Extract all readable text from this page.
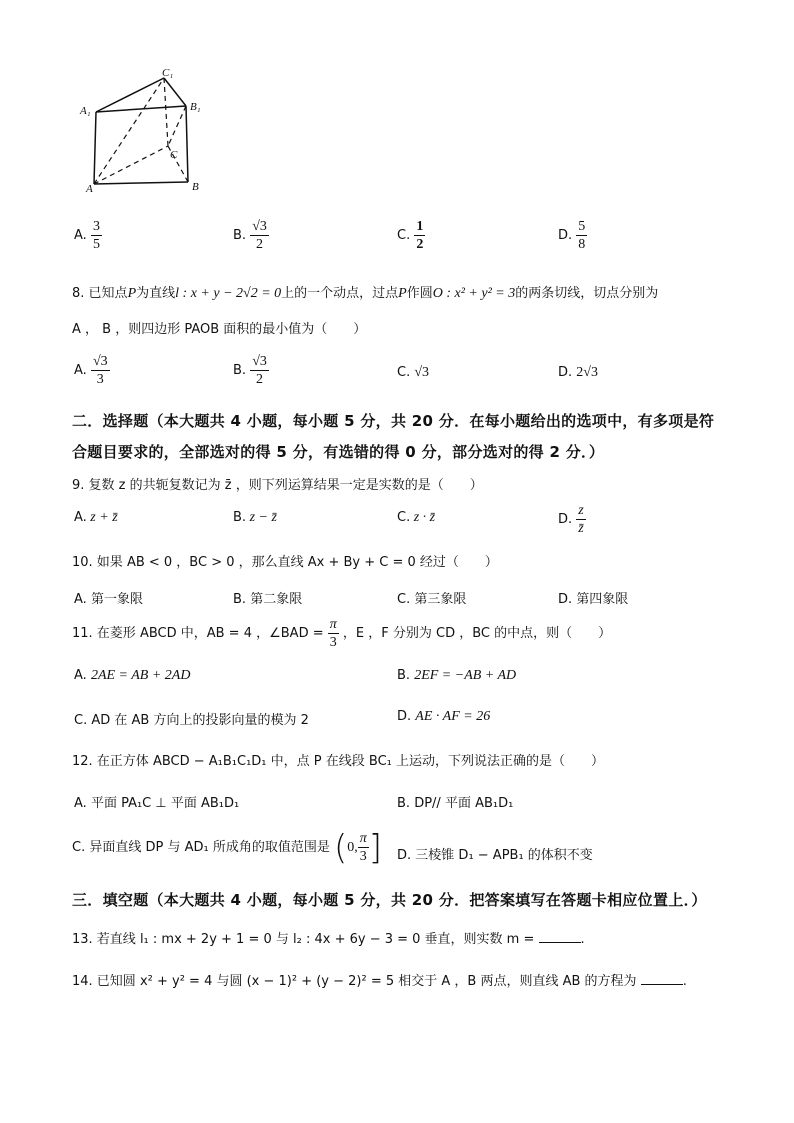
C₁
A₁	B₁
C
A	B
A. $\frac{3}{5}$	B. $\frac{√3}{2}$	C. $\frac{1}{2}$	D. $\frac{5}{8}$
8. 已知点P为直线l : x + y − 2√2 = 0上的一个动点，过点P作圆O : x² + y² = 3的两条切线，切点分别为
A ， B ，则四边形 PAOB 面积的最小值为（　　）
A. $\frac{√3}{3}$	B. $\frac{√3}{2}$	C. √3	D. 2√3
二．选择题（本大题共 4 小题，每小题 5 分，共 20 分．在每小题给出的选项中，有多项是符
合题目要求的，全部选对的得 5 分，有选错的得 0 分，部分选对的得 2 分．）
9. 复数 z 的共轭复数记为 z̄ ，则下列运算结果一定是实数的是（　　）
A. z + z̄	B. z − z̄	C. z · z̄	D. $\frac{z}{z̄}$
10. 如果 AB < 0 ，BC > 0 ，那么直线 Ax + By + C = 0 经过（　　）
A. 第一象限	B. 第二象限	C. 第三象限	D. 第四象限
11. 在菱形 ABCD 中，AB = 4 ，∠BAD = $\frac{\pi}{3}$ ，E ，F 分别为 CD ，BC 的中点，则（　　）
A. 2AE = AB + 2AD	B. 2EF = −AB + AD
C. AD 在 AB 方向上的投影向量的模为 2	D. AE · AF = 26
12. 在正方体 ABCD − A₁B₁C₁D₁ 中，点 P 在线段 BC₁ 上运动，下列说法正确的是（　　）
A. 平面 PA₁C ⊥ 平面 AB₁D₁	B. DP// 平面 AB₁D₁
C. 异面直线 DP 与 AD₁ 所成角的取值范围是 (0, $\frac{\pi}{3}$ ] D. 三棱锥 D₁ − APB₁ 的体积不变
三．填空题（本大题共 4 小题，每小题 5 分，共 20 分．把答案填写在答题卡相应位置上．）
13. 若直线 l₁ : mx + 2y + 1 = 0 与 l₂ : 4x + 6y − 3 = 0 垂直，则实数 m =	.
14. 已知圆 x² + y² = 4 与圆 (x − 1)² + (y − 2)² = 5 相交于 A ，B 两点，则直线 AB 的方程为	.
